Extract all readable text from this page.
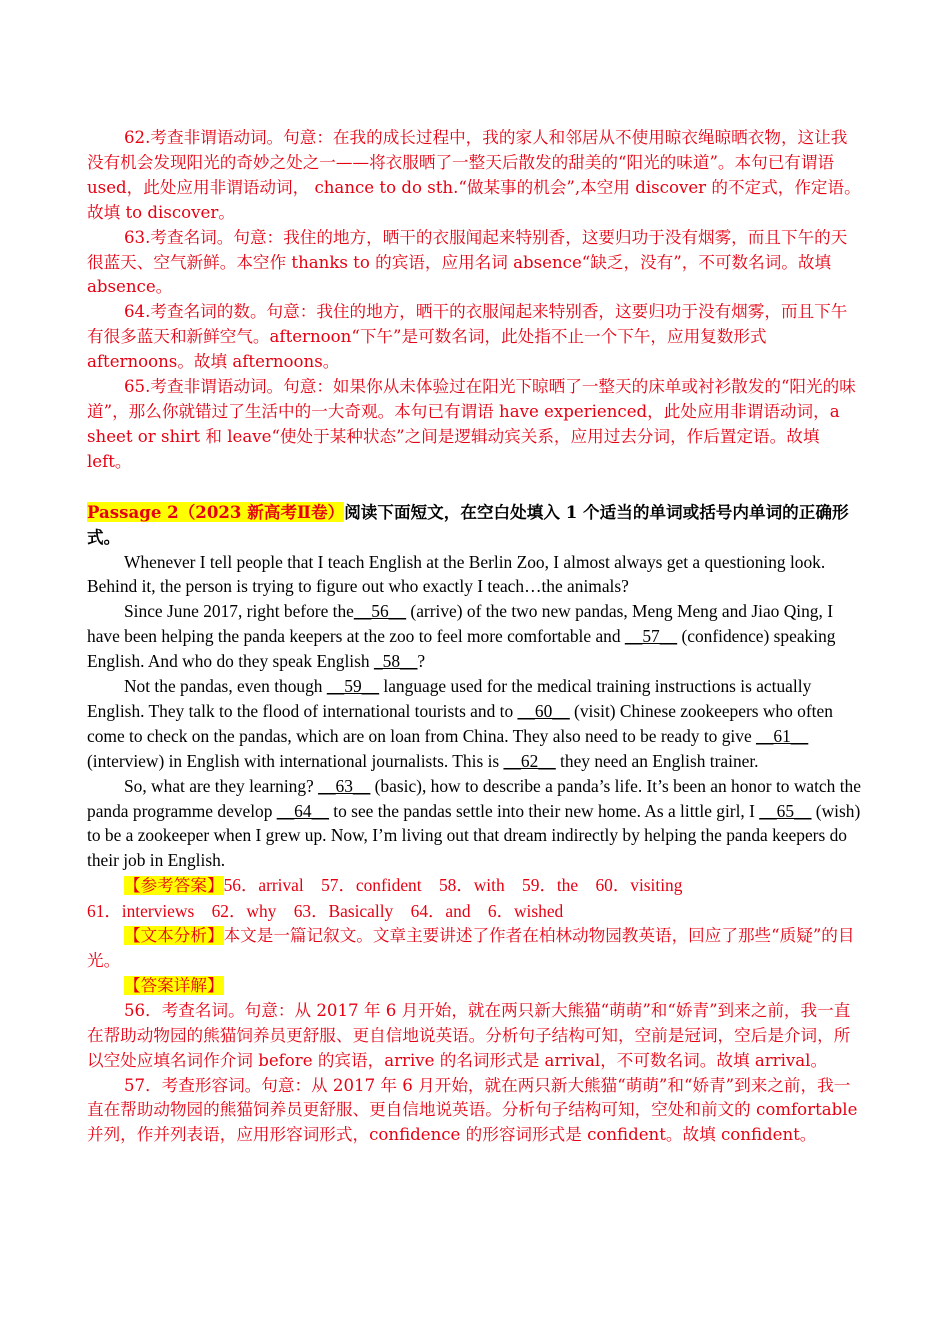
62.考查非谓语动词。句意：在我的成长过程中，我的家人和邻居从不使用晾衣绳晾晒衣物，这让我没有机会发现阳光的奇妙之处之一——将衣服晒了一整天后散发的甜美的“阳光的味道”。本句已有谓语 used，此处应用非谓语动词， chance to do sth.“做某事的机会”,本空用 discover 的不定式，作定语。故填 to discover。

63.考查名词。句意：我住的地方，晒干的衣服闻起来特别香，这要归功于没有烟雾，而且下午的天很蓝天、空气新鲜。本空作 thanks to 的宾语，应用名词 absence“缺乏，没有”，不可数名词。故填 absence。

64.考查名词的数。句意：我住的地方，晒干的衣服闻起来特别香，这要归功于没有烟雾，而且下午有很多蓝天和新鲜空气。afternoon“下午”是可数名词，此处指不止一个下午，应用复数形式 afternoons。故填 afternoons。

65.考查非谓语动词。句意：如果你从未体验过在阳光下晾晒了一整天的床单或衬衫散发的“阳光的味道”，那么你就错过了生活中的一大奇观。本句已有谓语 have experienced，此处应用非谓语动词，a sheet or shirt 和 leave“使处于某种状态”之间是逻辑动宾关系，应用过去分词，作后置定语。故填 left。

Passage 2（2023 新高考Ⅱ卷）阅读下面短文，在空白处填入 1 个适当的单词或括号内单词的正确形式。

Whenever I tell people that I teach English at the Berlin Zoo, I almost always get a questioning look. Behind it, the person is trying to figure out who exactly I teach…the animals?

Since June 2017, right before the__56__ (arrive) of the two new pandas, Meng Meng and Jiao Qing, I have been helping the panda keepers at the zoo to feel more comfortable and __57__ (confidence) speaking English. And who do they speak English _58__?

Not the pandas, even though __59__ language used for the medical training instructions is actually English. They talk to the flood of international tourists and to __60__ (visit) Chinese zookeepers who often come to check on the pandas, which are on loan from China. They also need to be ready to give __61__ (interview) in English with international journalists. This is __62__ they need an English trainer.

So, what are they learning? __63__ (basic), how to describe a panda’s life. It’s been an honor to watch the panda programme develop __64__ to see the pandas settle into their new home. As a little girl, I __65__ (wish) to be a zookeeper when I grew up. Now, I’m living out that dream indirectly by helping the panda keepers do their job in English.

【参考答案】56．arrival　57．confident　58．with　59．the　60．visiting

61．interviews　62．why　63．Basically　64．and　6．wished

【文本分析】本文是一篇记叙文。文章主要讲述了作者在柏林动物园教英语，回应了那些“质疑”的目光。

【答案详解】

56．考查名词。句意：从 2017 年 6 月开始，就在两只新大熊猫“萌萌”和“娇青”到来之前，我一直在帮助动物园的熊猫饲养员更舒服、更自信地说英语。分析句子结构可知，空前是冠词，空后是介词，所以空处应填名词作介词 before 的宾语，arrive 的名词形式是 arrival，不可数名词。故填 arrival。

57．考查形容词。句意：从 2017 年 6 月开始，就在两只新大熊猫“萌萌”和“娇青”到来之前，我一直在帮助动物园的熊猫饲养员更舒服、更自信地说英语。分析句子结构可知，空处和前文的 comfortable 并列，作并列表语，应用形容词形式，confidence 的形容词形式是 confident。故填 confident。
